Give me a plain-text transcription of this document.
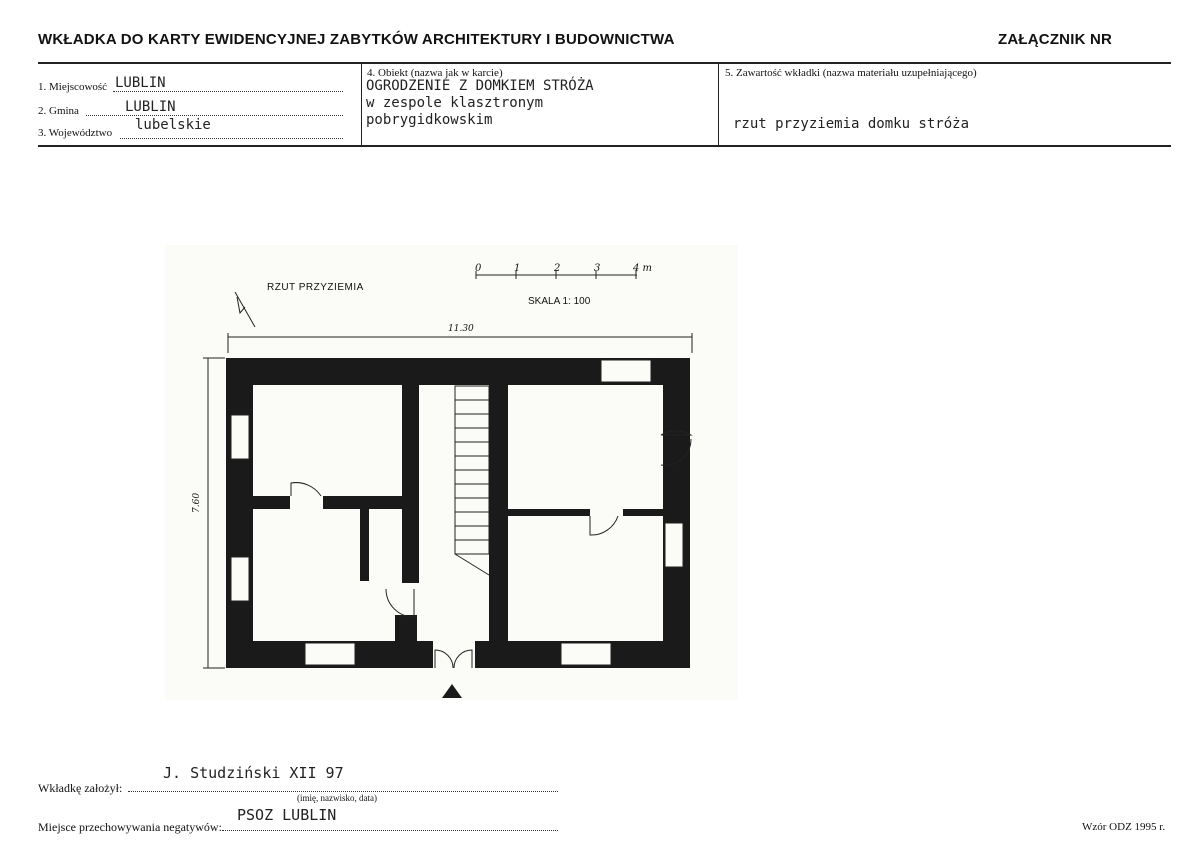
WKŁADKA DO KARTY EWIDENCYJNEJ ZABYTKÓW ARCHITEKTURY I BUDOWNICTWA	ZAŁĄCZNIK NR
1. Miejscowość LUBLIN
2. Gmina	LUBLIN
3. Województwo lubelskie
4. Obiekt (nazwa jak w karcie)
OGRODZENIE Z DOMKIEM STRÓŻA
w zespole klasztronym
pobrygidkowskim
5. Zawartość wkładki (nazwa materiału uzupełniającego)
rzut przyziemia domku stróża
RZUT PRZYZIEMIA
SKALA 1: 100
0	1	2	3	4 m
11.30
7.60
Wkładkę założył:
J. Studziński XII 97
(imię, nazwisko, data)
Miejsce przechowywania negatywów:
PSOZ LUBLIN
Wzór ODZ 1995 r.
